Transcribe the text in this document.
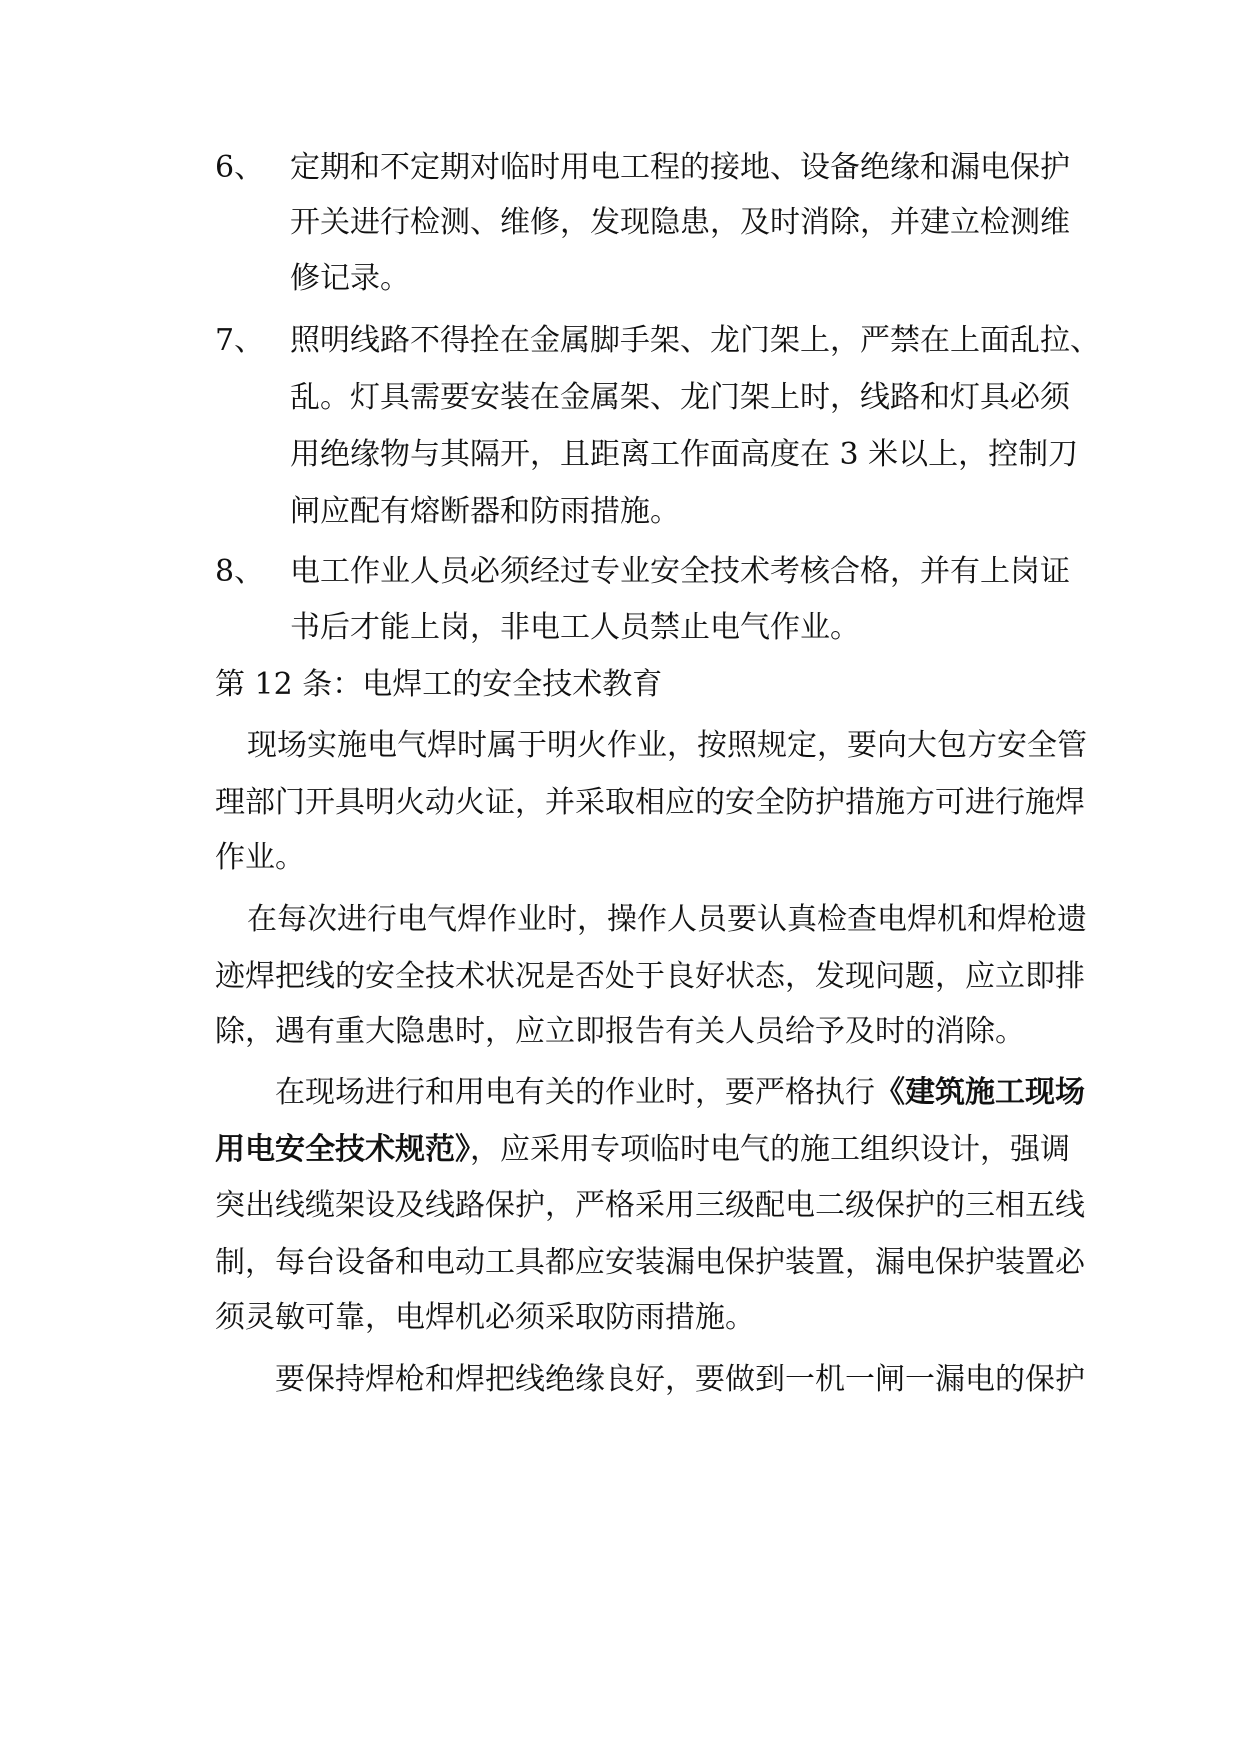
6、 定期和不定期对临时用电工程的接地、设备绝缘和漏电保护
开关进行检测、维修，发现隐患，及时消除，并建立检测维
修记录。
7、 照明线路不得拴在金属脚手架、龙门架上，严禁在上面乱拉、
乱。灯具需要安装在金属架、龙门架上时，线路和灯具必须
用绝缘物与其隔开，且距离工作面高度在 3 米以上，控制刀
闸应配有熔断器和防雨措施。
8、 电工作业人员必须经过专业安全技术考核合格，并有上岗证
书后才能上岗，非电工人员禁止电气作业。
第 12 条：电焊工的安全技术教育
现场实施电气焊时属于明火作业，按照规定，要向大包方安全管
理部门开具明火动火证，并采取相应的安全防护措施方可进行施焊
作业。
在每次进行电气焊作业时，操作人员要认真检查电焊机和焊枪遗
迹焊把线的安全技术状况是否处于良好状态，发现问题，应立即排
除，遇有重大隐患时，应立即报告有关人员给予及时的消除。
在现场进行和用电有关的作业时，要严格执行《建筑施工现场
用电安全技术规范》，应采用专项临时电气的施工组织设计，强调
突出线缆架设及线路保护，严格采用三级配电二级保护的三相五线
制，每台设备和电动工具都应安装漏电保护装置，漏电保护装置必
须灵敏可靠，电焊机必须采取防雨措施。
要保持焊枪和焊把线绝缘良好，要做到一机一闸一漏电的保护
